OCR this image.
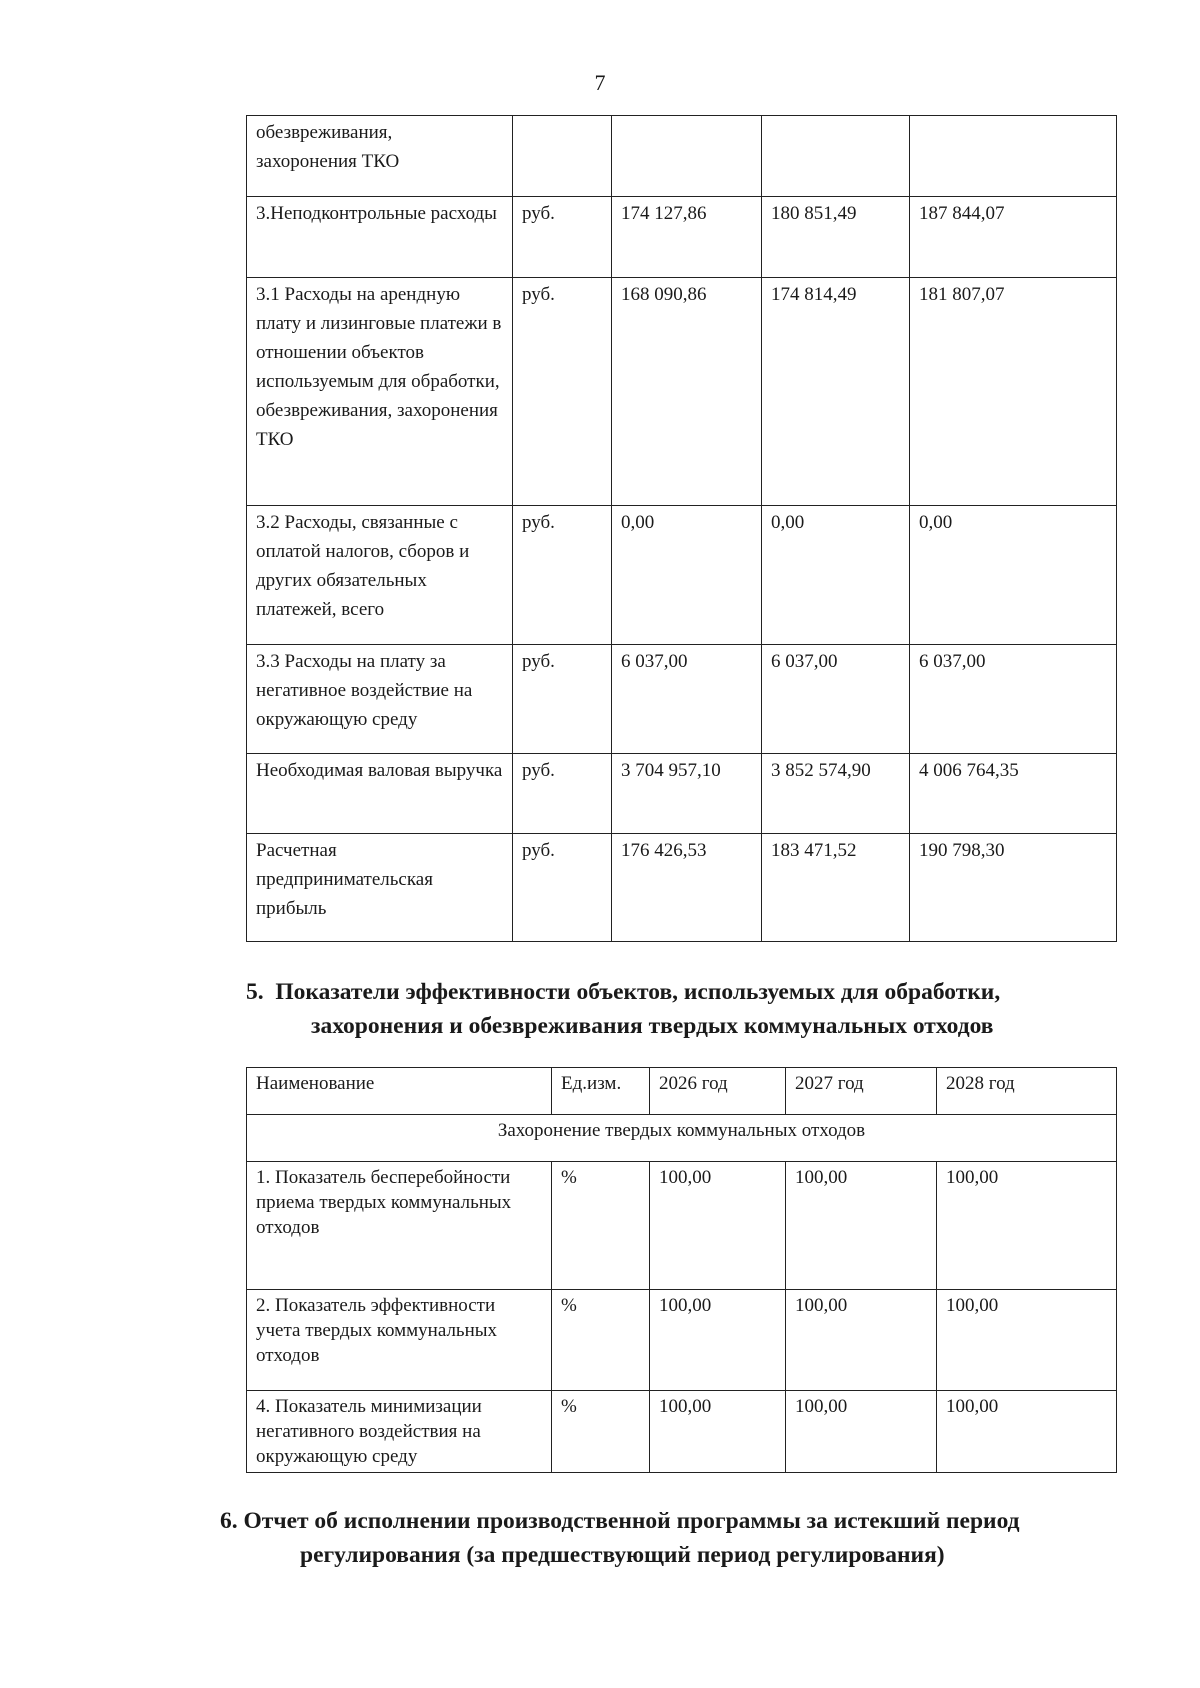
7
обезвреживания,
захоронения ТКО				
3.Неподконтрольные расходы	руб.	174 127,86	180 851,49	187 844,07
3.1 Расходы на арендную плату и лизинговые платежи в отношении объектов используемым для обработки, обезвреживания, захоронения ТКО	руб.	168 090,86	174 814,49	181 807,07
3.2 Расходы, связанные с оплатой налогов, сборов и других обязательных платежей, всего	руб.	0,00	0,00	0,00
3.3 Расходы на плату за негативное воздействие на окружающую среду	руб.	6 037,00	6 037,00	6 037,00
Необходимая валовая выручка	руб.	3 704 957,10	3 852 574,90	4 006 764,35
Расчетная предпринимательская прибыль	руб.	176 426,53	183 471,52	190 798,30
5. Показатели эффективности объектов, используемых для обработки,
захоронения и обезвреживания твердых коммунальных отходов
Наименование	Ед.изм.	2026 год	2027 год	2028 год
Захоронение твердых коммунальных отходов				
1. Показатель бесперебойности приема твердых коммунальных отходов	%	100,00	100,00	100,00
2. Показатель эффективности учета твердых коммунальных отходов	%	100,00	100,00	100,00
4. Показатель минимизации негативного воздействия на окружающую среду	%	100,00	100,00	100,00
6. Отчет об исполнении производственной программы за истекший период
регулирования (за предшествующий период регулирования)
